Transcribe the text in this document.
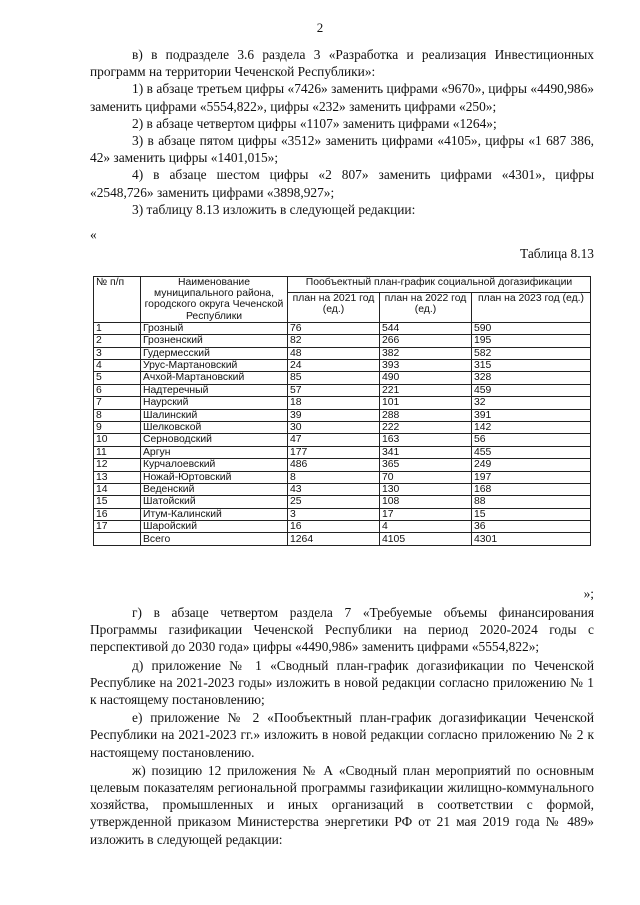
2

в) в подразделе 3.6 раздела 3 «Разработка и реализация Инвестиционных программ на территории Чеченской Республики»:

1) в абзаце третьем цифры «7426» заменить цифрами «9670», цифры «4490,986» заменить цифрами «5554,822», цифры «232» заменить цифрами «250»;

2) в абзаце четвертом цифры «1107» заменить цифрами «1264»;

3) в абзаце пятом цифры «3512» заменить цифрами «4105», цифры «1 687 386, 42» заменить цифры «1401,015»;

4) в абзаце шестом цифры «2 807» заменить цифрами «4301», цифры «2548,726» заменить цифрами «3898,927»;

3) таблицу 8.13 изложить в следующей редакции:

«
Таблица 8.13
№ п/п	Наименование муниципального района, городского округа Чеченской Республики	Пообъектный план-график социальной догазификации		
		план на 2021 год (ед.)	план на 2022 год (ед.)	план на 2023 год (ед.)
1	Грозный	76	544	590
2	Грозненский	82	266	195
3	Гудермесский	48	382	582
4	Урус-Мартановский	24	393	315
5	Ачхой-Мартановский	85	490	328
6	Надтеречный	57	221	459
7	Наурский	18	101	32
8	Шалинский	39	288	391
9	Шелковской	30	222	142
10	Серноводский	47	163	56
11	Аргун	177	341	455
12	Курчалоевский	486	365	249
13	Ножай-Юртовский	8	70	197
14	Веденский	43	130	168
15	Шатойский	25	108	88
16	Итум-Калинский	3	17	15
17	Шаройский	16	4	36
	Всего	1264	4105	4301
»;

г) в абзаце четвертом раздела 7 «Требуемые объемы финансирования Программы газификации Чеченской Республики на период 2020-2024 годы с перспективой до 2030 года» цифры «4490,986» заменить цифрами «5554,822»;

д) приложение № 1 «Сводный план-график догазификации по Чеченской Республике на 2021-2023 годы» изложить в новой редакции согласно приложению № 1 к настоящему постановлению;

е) приложение № 2 «Пообъектный план-график догазификации Чеченской Республики на 2021-2023 гг.» изложить в новой редакции согласно приложению № 2 к настоящему постановлению.

ж) позицию 12 приложения № А «Сводный план мероприятий по основным целевым показателям региональной программы газификации жилищно-коммунального хозяйства, промышленных и иных организаций в соответствии с формой, утвержденной приказом Министерства энергетики РФ от 21 мая 2019 года № 489» изложить в следующей редакции:
